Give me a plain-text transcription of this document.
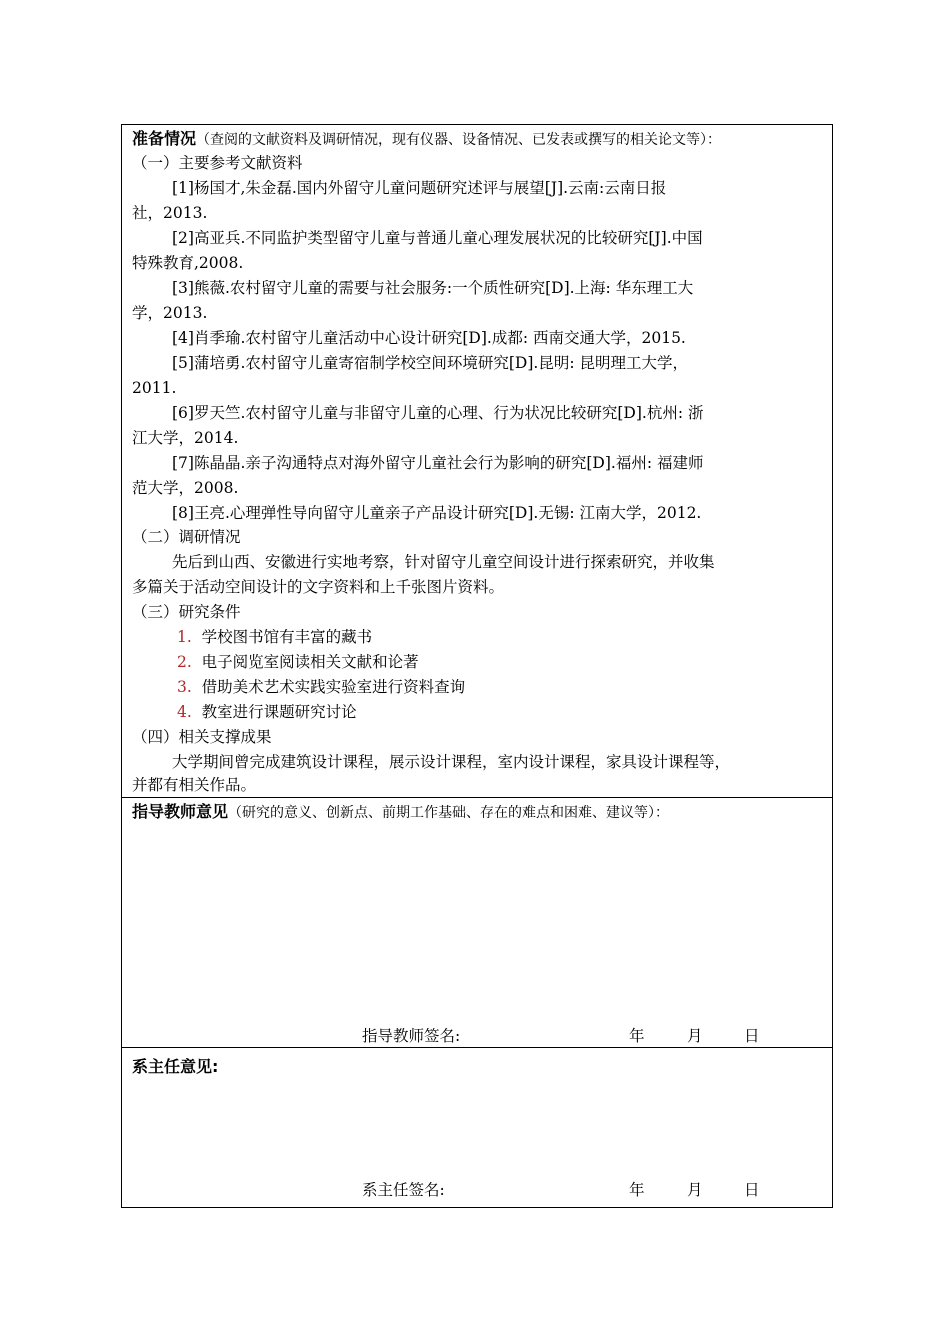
准备情况（查阅的文献资料及调研情况，现有仪器、设备情况、已发表或撰写的相关论文等）：
（一）主要参考文献资料
[1]杨国才,朱金磊.国内外留守儿童问题研究述评与展望[J].云南:云南日报
社，2013.
[2]高亚兵.不同监护类型留守儿童与普通儿童心理发展状况的比较研究[J].中国
特殊教育,2008.
[3]熊薇.农村留守儿童的需要与社会服务:一个质性研究[D].上海: 华东理工大
学，2013.
[4]肖季瑜.农村留守儿童活动中心设计研究[D].成都: 西南交通大学，2015.
[5]蒲培勇.农村留守儿童寄宿制学校空间环境研究[D].昆明: 昆明理工大学，
2011.
[6]罗天竺.农村留守儿童与非留守儿童的心理、行为状况比较研究[D].杭州: 浙
江大学，2014.
[7]陈晶晶.亲子沟通特点对海外留守儿童社会行为影响的研究[D].福州: 福建师
范大学，2008.
[8]王亮.心理弹性导向留守儿童亲子产品设计研究[D].无锡: 江南大学，2012.
（二）调研情况
先后到山西、安徽进行实地考察，针对留守儿童空间设计进行探索研究，并收集
多篇关于活动空间设计的文字资料和上千张图片资料。
（三）研究条件
1. 学校图书馆有丰富的藏书
2. 电子阅览室阅读相关文献和论著
3. 借助美术艺术实践实验室进行资料查询
4. 教室进行课题研究讨论
（四）相关支撑成果
大学期间曾完成建筑设计课程，展示设计课程，室内设计课程，家具设计课程等，
并都有相关作品。
指导教师意见（研究的意义、创新点、前期工作基础、存在的难点和困难、建议等）：
指导教师签名:	年	月	日
系主任意见:
系主任签名:	年	月	日
